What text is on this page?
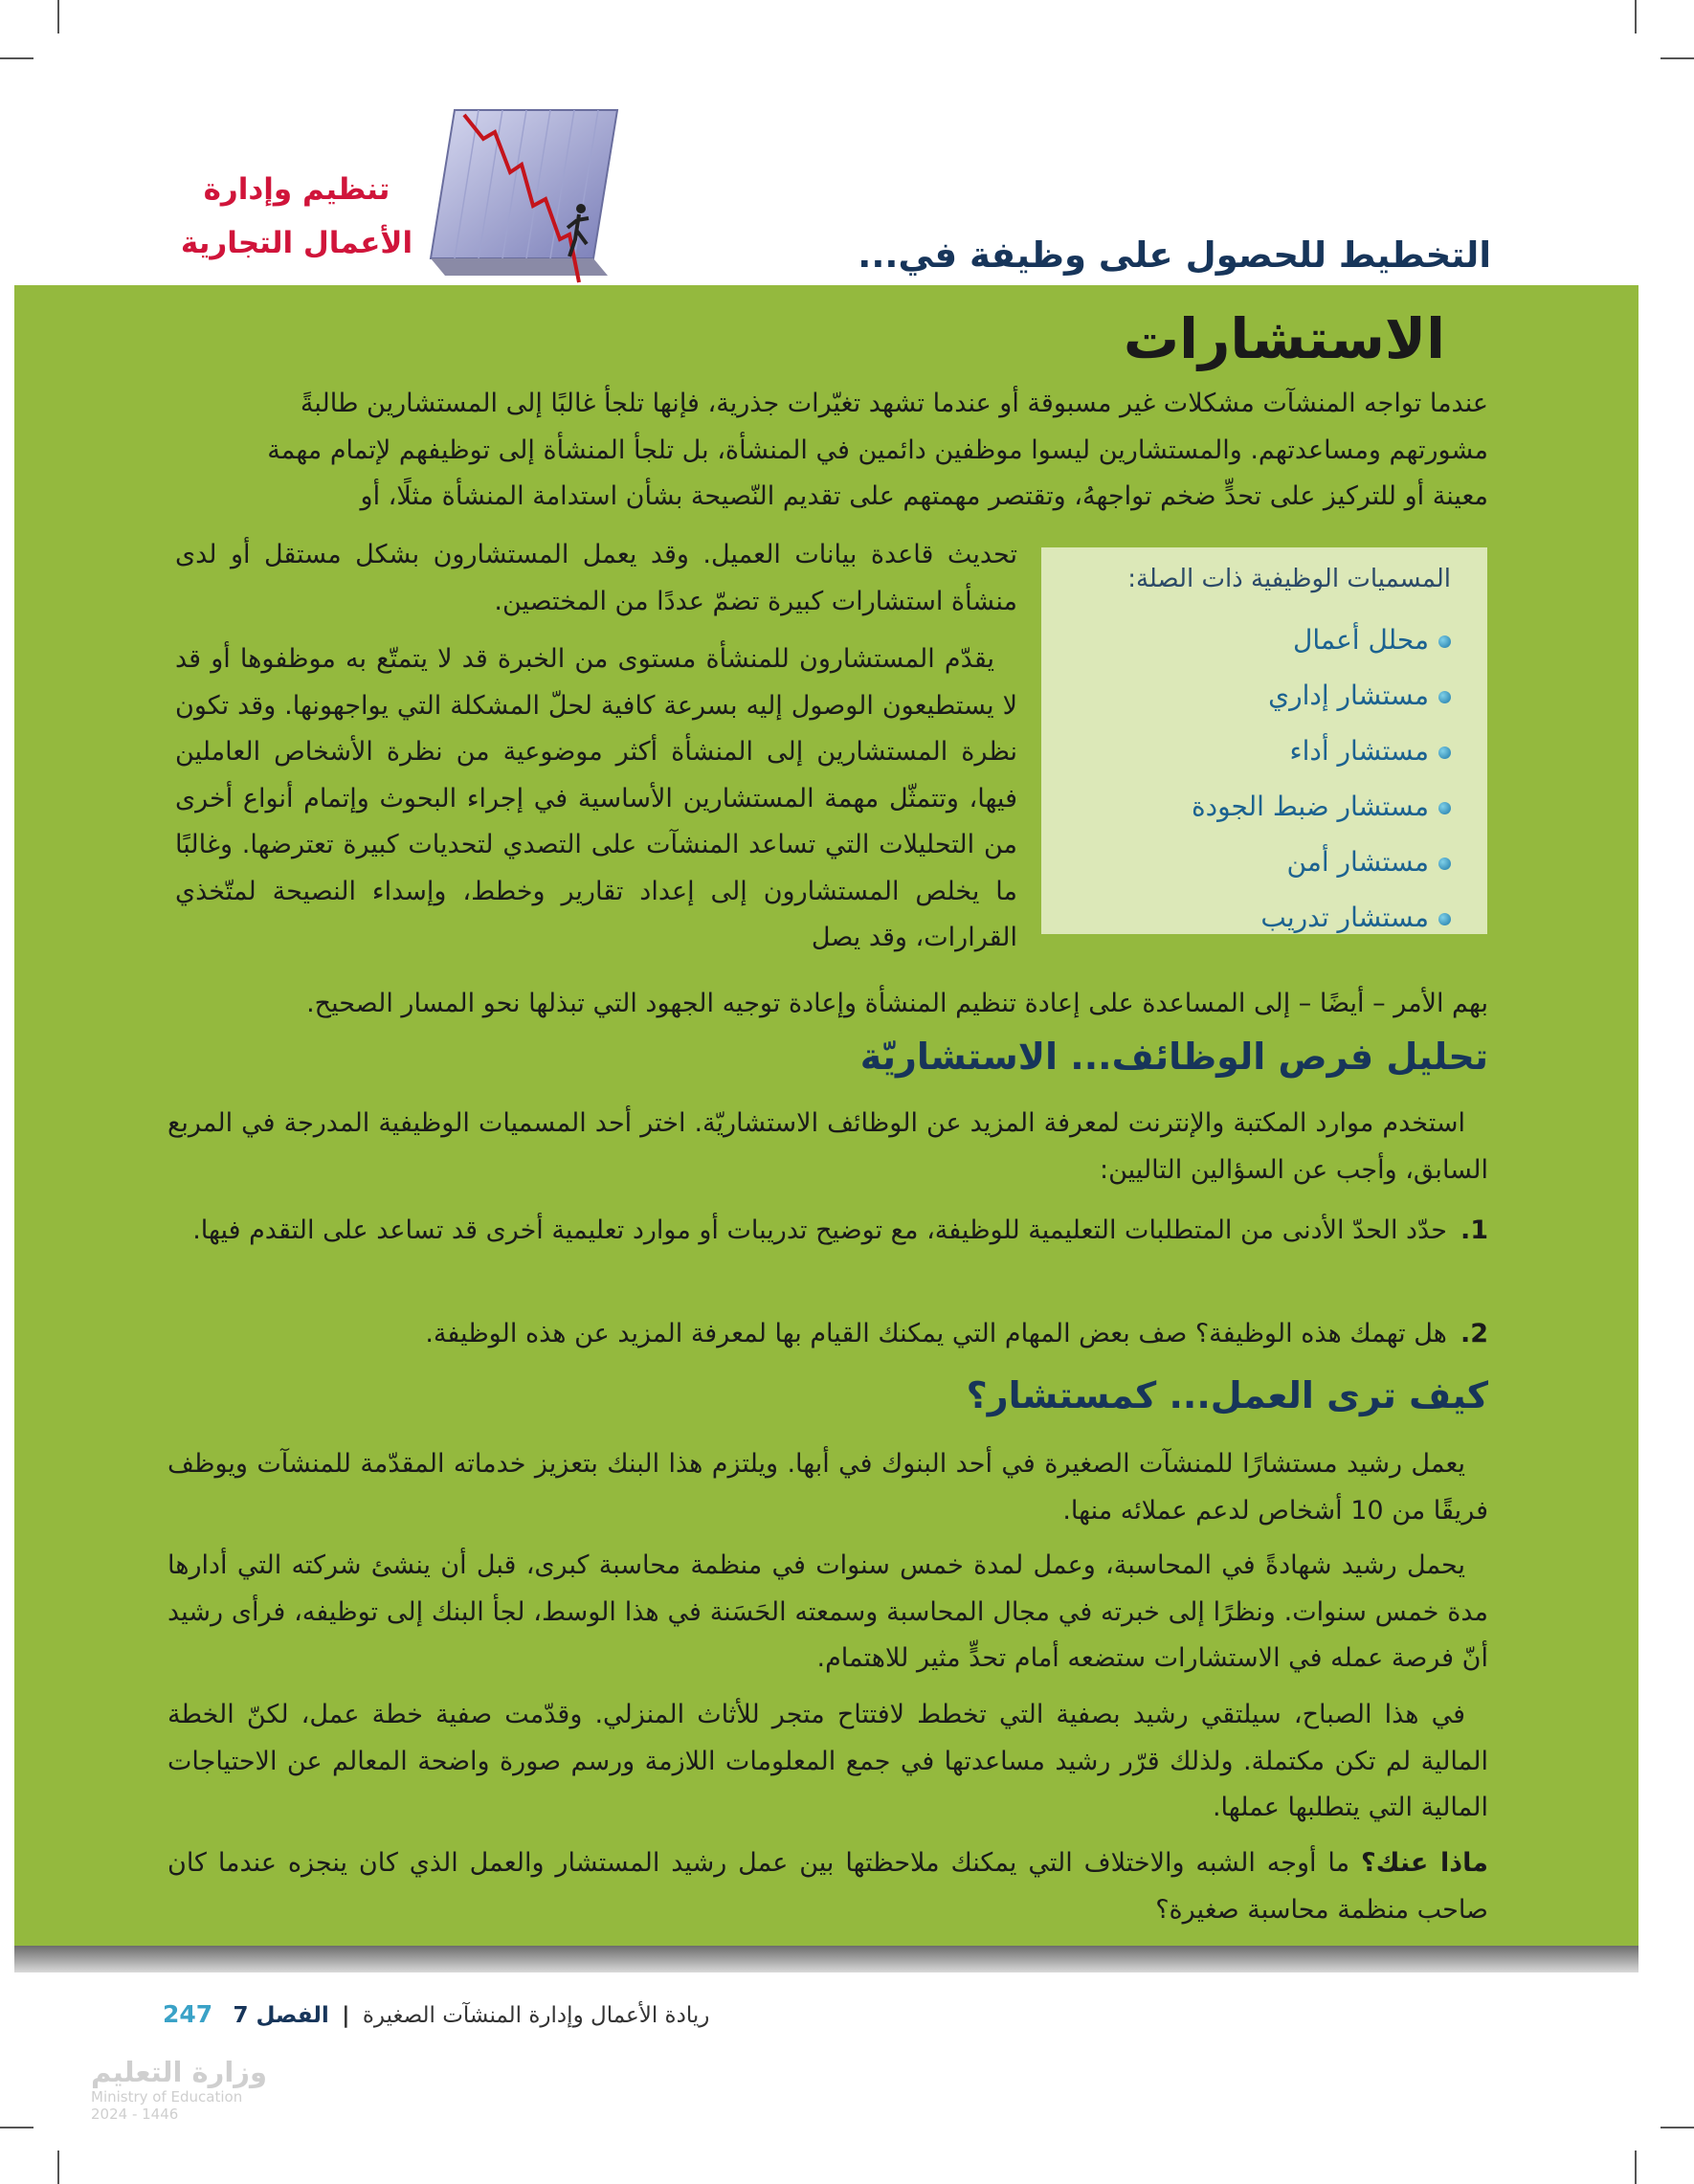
تنظيم وإدارة
الأعمال التجارية	التخطيط للحصول على وظيفة في...
الاستشارات
عندما تواجه المنشآت مشكلات غير مسبوقة أو عندما تشهد تغيّرات جذرية، فإنها تلجأ غالبًا إلى المستشارين طالبةً
مشورتهم ومساعدتهم. والمستشارين ليسوا موظفين دائمين في المنشأة، بل تلجأ المنشأة إلى توظيفهم لإتمام مهمة
معينة أو للتركيز على تحدٍّ ضخم تواجههُ، وتقتصر مهمتهم على تقديم النّصيحة بشأن استدامة المنشأة مثلًا، أو
تحديث قاعدة بيانات العميل. وقد يعمل المستشارون بشكل مستقل أو لدى منشأة استشارات كبيرة تضمّ عددًا من المختصين.
يقدّم المستشارون للمنشأة مستوى من الخبرة قد لا يتمتّع به موظفوها أو قد لا يستطيعون الوصول إليه بسرعة كافية لحلّ المشكلة التي يواجهونها. وقد تكون نظرة المستشارين إلى المنشأة أكثر موضوعية من نظرة الأشخاص العاملين فيها، وتتمثّل مهمة المستشارين الأساسية في إجراء البحوث وإتمام أنواع أخرى من التحليلات التي تساعد المنشآت على التصدي لتحديات كبيرة تعترضها. وغالبًا ما يخلص المستشارون إلى إعداد تقارير وخطط، وإسداء النصيحة لمتّخذي القرارات، وقد يصل
بهم الأمر – أيضًا – إلى المساعدة على إعادة تنظيم المنشأة وإعادة توجيه الجهود التي تبذلها نحو المسار الصحيح.
المسميات الوظيفية ذات الصلة:
محلل أعمال
مستشار إداري
مستشار أداء
مستشار ضبط الجودة
مستشار أمن
مستشار تدريب
تحليل فرص الوظائف... الاستشاريّة
استخدم موارد المكتبة والإنترنت لمعرفة المزيد عن الوظائف الاستشاريّة. اختر أحد المسميات الوظيفية المدرجة في المربع السابق، وأجب عن السؤالين التاليين:
1.
حدّد الحدّ الأدنى من المتطلبات التعليمية للوظيفة، مع توضيح تدريبات أو موارد تعليمية أخرى قد تساعد على التقدم فيها.
2.
هل تهمك هذه الوظيفة؟ صف بعض المهام التي يمكنك القيام بها لمعرفة المزيد عن هذه الوظيفة.
كيف ترى العمل... كمستشار؟
يعمل رشيد مستشارًا للمنشآت الصغيرة في أحد البنوك في أبها. ويلتزم هذا البنك بتعزيز خدماته المقدّمة للمنشآت ويوظف فريقًا من 10 أشخاص لدعم عملائه منها.
يحمل رشيد شهادةً في المحاسبة، وعمل لمدة خمس سنوات في منظمة محاسبة كبرى، قبل أن ينشئ شركته التي أدارها مدة خمس سنوات. ونظرًا إلى خبرته في مجال المحاسبة وسمعته الحَسَنة في هذا الوسط، لجأ البنك إلى توظيفه، فرأى رشيد أنّ فرصة عمله في الاستشارات ستضعه أمام تحدٍّ مثير للاهتمام.
في هذا الصباح، سيلتقي رشيد بصفية التي تخطط لافتتاح متجر للأثاث المنزلي. وقدّمت صفية خطة عمل، لكنّ الخطة المالية لم تكن مكتملة. ولذلك قرّر رشيد مساعدتها في جمع المعلومات اللازمة ورسم صورة واضحة المعالم عن الاحتياجات المالية التي يتطلبها عملها.
ماذا عنك؟ ما أوجه الشبه والاختلاف التي يمكنك ملاحظتها بين عمل رشيد المستشار والعمل الذي كان ينجزه عندما كان صاحب منظمة محاسبة صغيرة؟
ريادة الأعمال وإدارة المنشآت الصغيرة | الفصل 7 247
وزارة التعليم
Ministry of Education
2024 - 1446
